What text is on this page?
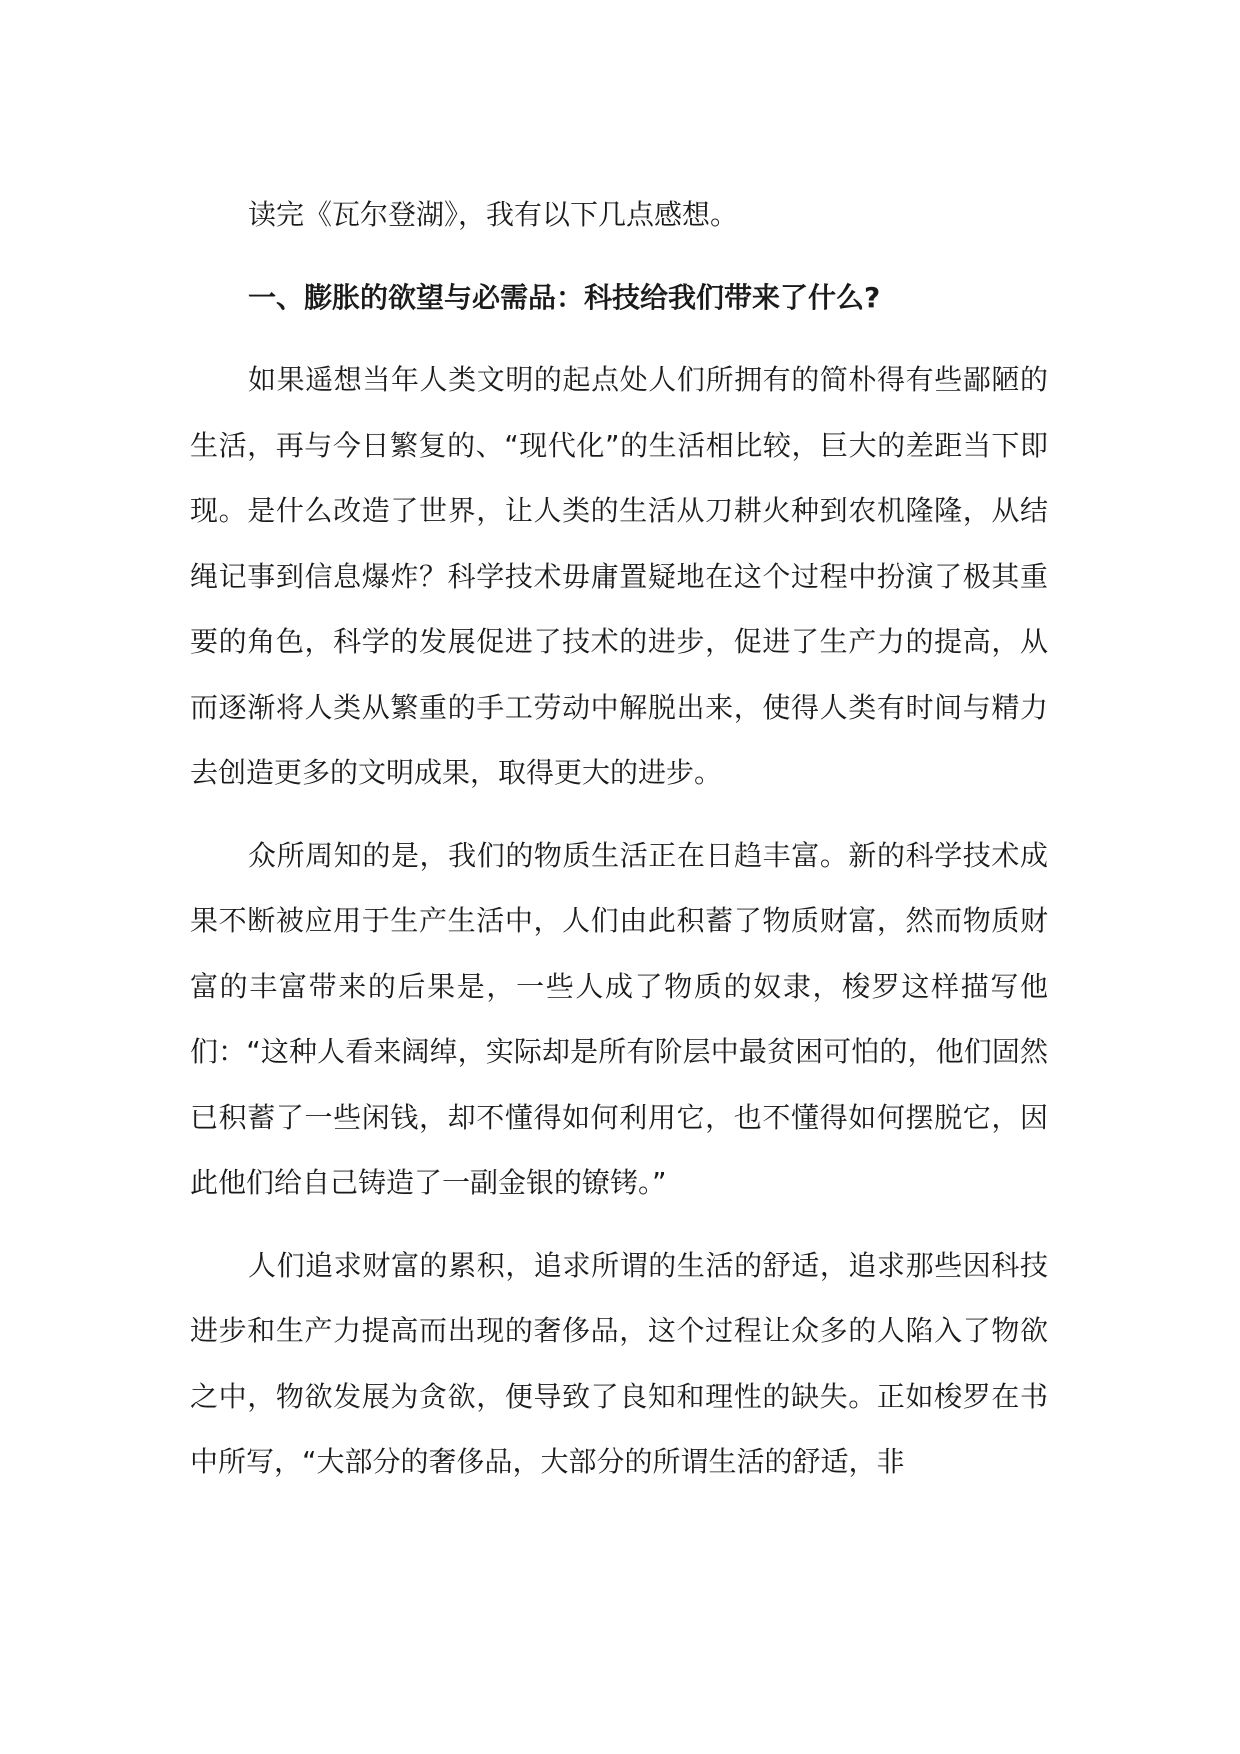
读完《瓦尔登湖》，我有以下几点感想。

一、膨胀的欲望与必需品：科技给我们带来了什么?

如果遥想当年人类文明的起点处人们所拥有的简朴得有些鄙陋的生活，再与今日繁复的、“现代化”的生活相比较，巨大的差距当下即现。是什么改造了世界，让人类的生活从刀耕火种到农机隆隆，从结绳记事到信息爆炸？科学技术毋庸置疑地在这个过程中扮演了极其重要的角色，科学的发展促进了技术的进步，促进了生产力的提高，从而逐渐将人类从繁重的手工劳动中解脱出来，使得人类有时间与精力去创造更多的文明成果，取得更大的进步。

众所周知的是，我们的物质生活正在日趋丰富。新的科学技术成果不断被应用于生产生活中，人们由此积蓄了物质财富，然而物质财富的丰富带来的后果是，一些人成了物质的奴隶，梭罗这样描写他们：“这种人看来阔绰，实际却是所有阶层中最贫困可怕的，他们固然已积蓄了一些闲钱，却不懂得如何利用它，也不懂得如何摆脱它，因此他们给自己铸造了一副金银的镣铐。”

人们追求财富的累积，追求所谓的生活的舒适，追求那些因科技进步和生产力提高而出现的奢侈品，这个过程让众多的人陷入了物欲之中，物欲发展为贪欲，便导致了良知和理性的缺失。正如梭罗在书中所写，“大部分的奢侈品，大部分的所谓生活的舒适，非
